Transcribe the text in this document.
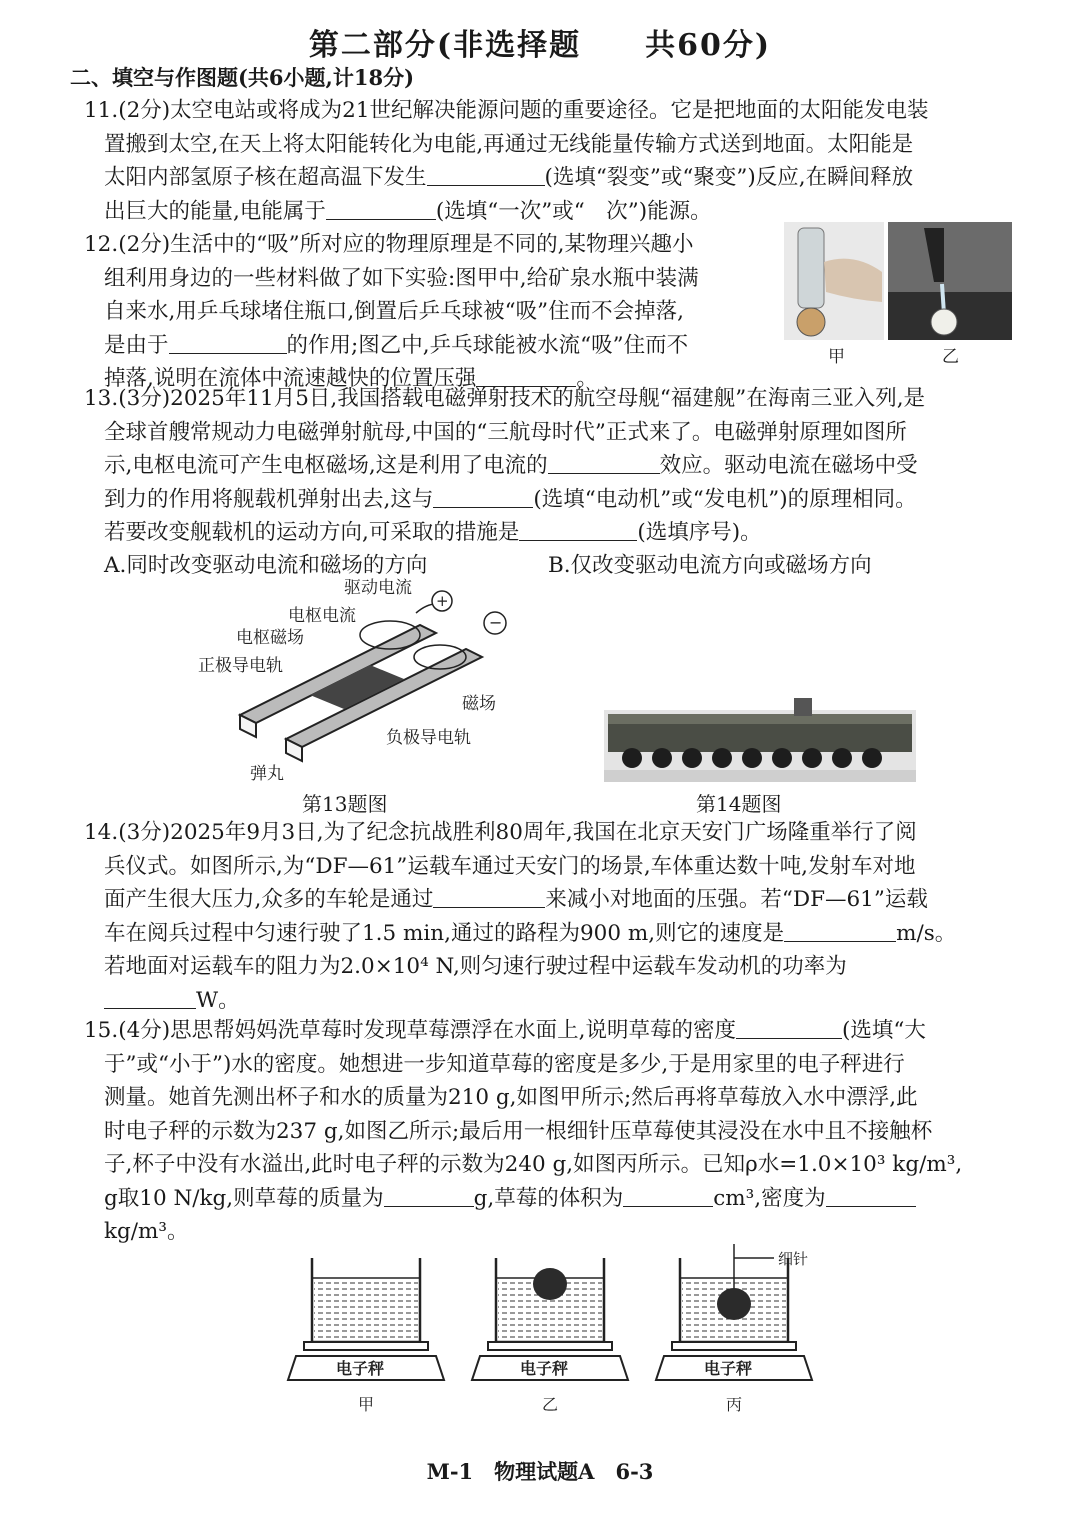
第二部分(非选择题　　共60分)
二、填空与作图题(共6小题,计18分)

11.(2分)太空电站或将成为21世纪解决能源问题的重要途径。它是把地面的太阳能发电装

置搬到太空,在天上将太阳能转化为电能,再通过无线能量传输方式送到地面。太阳能是

太阳内部氢原子核在超高温下发生	(选填“裂变”或“聚变”)反应,在瞬间释放

出巨大的能量,电能属于	(选填“一次”或“　次”)能源。

12.(2分)生活中的“吸”所对应的物理原理是不同的,某物理兴趣小

组利用身边的一些材料做了如下实验:图甲中,给矿泉水瓶中装满

自来水,用乒乓球堵住瓶口,倒置后乒乓球被“吸”住而不会掉落,

是由于	的作用;图乙中,乒乓球能被水流“吸”住而不

掉落,说明在流体中流速越快的位置压强	。

甲	乙

13.(3分)2025年11月5日,我国搭载电磁弹射技术的航空母舰“福建舰”在海南三亚入列,是

全球首艘常规动力电磁弹射航母,中国的“三航母时代”正式来了。电磁弹射原理如图所

示,电枢电流可产生电枢磁场,这是利用了电流的	效应。驱动电流在磁场中受

到力的作用将舰载机弹射出去,这与	(选填“电动机”或“发电机”)的原理相同。

若要改变舰载机的运动方向,可采取的措施是	(选填序号)。

A.同时改变驱动电流和磁场的方向	B.仅改变驱动电流方向或磁场方向
+
−
驱动电流
电枢电流
电枢磁场
正极导电轨
磁场
负极导电轨
弹丸
第13题图	第14题图

14.(3分)2025年9月3日,为了纪念抗战胜利80周年,我国在北京天安门广场隆重举行了阅

兵仪式。如图所示,为“DF—61”运载车通过天安门的场景,车体重达数十吨,发射车对地

面产生很大压力,众多的车轮是通过	来减小对地面的压强。若“DF—61”运载

车在阅兵过程中匀速行驶了1.5 min,通过的路程为900 m,则它的速度是	m/s。

若地面对运载车的阻力为2.0×10⁴ N,则匀速行驶过程中运载车发动机的功率为

W。

15.(4分)思思帮妈妈洗草莓时发现草莓漂浮在水面上,说明草莓的密度	(选填“大

于”或“小于”)水的密度。她想进一步知道草莓的密度是多少,于是用家里的电子秤进行

测量。她首先测出杯子和水的质量为210 g,如图甲所示;然后再将草莓放入水中漂浮,此

时电子秤的示数为237 g,如图乙所示;最后用一根细针压草莓使其浸没在水中且不接触杯

子,杯子中没有水溢出,此时电子秤的示数为240 g,如图丙所示。已知ρ水=1.0×10³ kg/m³,

g取10 N/kg,则草莓的质量为	g,草莓的体积为	cm³,密度为

kg/m³。

电子秤
甲
电子秤
乙
电子秤
细针
丙
M-1　物理试题A　6-3
